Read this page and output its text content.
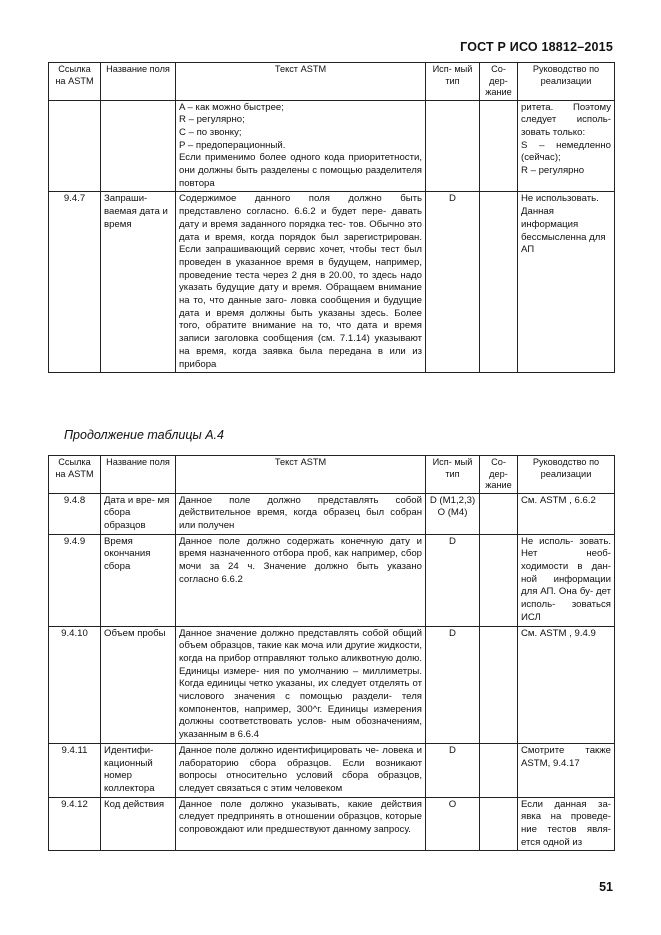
ГОСТ Р ИСО 18812–2015
Ссылка на ASTM	Название поля	Текст ASTM	Исп- мый тип	Со- дер- жание	Руководство по реализации
		A – как можно быстрее;
R – регулярно;
C – по звонку;
P – предоперационный.
Если применимо более одного кода приоритетности, они должны быть разделены с помощью разделителя повтора			ритета. Поэтому следует исполь- зовать только:
S – немедленно (сейчас);
R – регулярно
9.4.7	Запраши- ваемая дата и время	Содержимое данного поля должно быть представлено согласно. 6.6.2 и будет пере- давать дату и время заданного порядка тес- тов. Обычно это дата и время, когда порядок был зарегистрирован. Если запрашивающий сервис хочет, чтобы тест был проведен в указанное время в будущем, например, проведение теста через 2 дня в 20.00, то здесь надо указать будущие дату и время. Обращаем внимание на то, что данные заго- ловка сообщения и будущие дата и время должны быть указаны здесь. Более того, обратите внимание на то, что дата и время записи заголовка сообщения (см. 7.1.14) указывают на время, когда заявка была передана в или из прибора	D		Не использовать. Данная информация бессмысленна для АП
Продолжение таблицы А.4
Ссылка на ASTM	Название поля	Текст ASTM	Исп- мый тип	Со- дер- жание	Руководство по реализации
9.4.8	Дата и вре- мя сбора образцов	Данное поле должно представлять собой действительное время, когда образец был собран или получен	D (M1,2,3)
O (M4)		См. ASTM , 6.6.2
9.4.9	Время окончания сбора	Данное поле должно содержать конечную дату и время назначенного отбора проб, как например, сбор мочи за 24 ч. Значение должно быть указано согласно 6.6.2	D		Не исполь- зовать. Нет необ- ходимости в дан- ной информации для АП. Она бу- дет исполь- зоваться ИСЛ
9.4.10	Объем пробы	Данное значение должно представлять собой общий объем образцов, такие как моча или другие жидкости, когда на прибор отправляют только аликвотную долю. Единицы измере- ния по умолчанию – миллиметры. Когда единицы четко указаны, их следует отделять от числового значения с помощью раздели- теля компонентов, например, 300^г. Единицы измерения должны соответствовать услов- ным обозначениям, указанным в 6.6.4	D		См. ASTM , 9.4.9
9.4.11	Идентифи- кационный номер коллектора	Данное поле должно идентифицировать че- ловека и лабораторию сбора образцов. Если возникают вопросы относительно условий сбора образцов, следует связаться с этим человеком	D		Смотрите также ASTM, 9.4.17
9.4.12	Код действия	Данное поле должно указывать, какие действия следует предпринять в отношении образцов, которые сопровождают или предшествуют данному запросу.	O		Если данная за- явка на проведе- ние тестов явля- ется одной из
51
